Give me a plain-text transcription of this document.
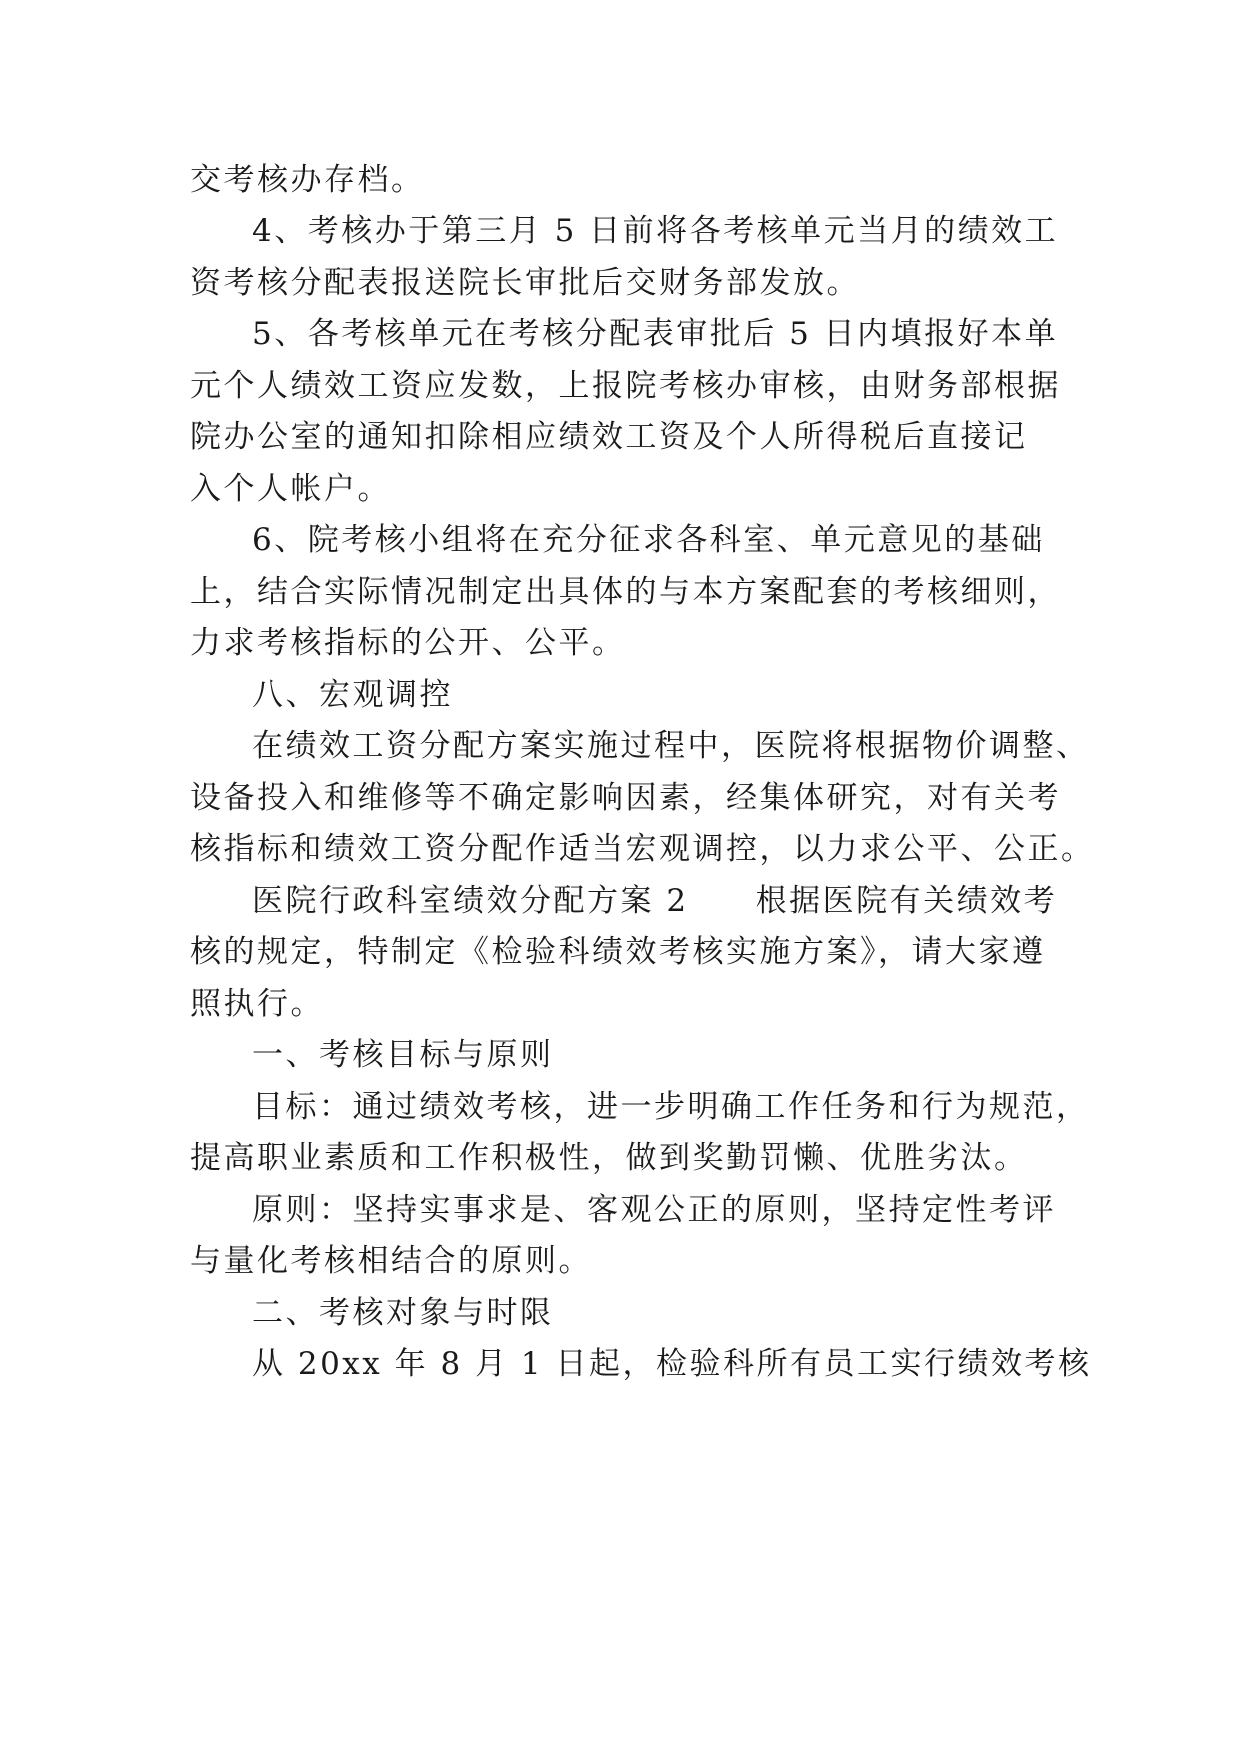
交考核办存档。
4、考核办于第三月 5 日前将各考核单元当月的绩效工
资考核分配表报送院长审批后交财务部发放。
5、各考核单元在考核分配表审批后 5 日内填报好本单
元个人绩效工资应发数，上报院考核办审核，由财务部根据
院办公室的通知扣除相应绩效工资及个人所得税后直接记
入个人帐户。
6、院考核小组将在充分征求各科室、单元意见的基础
上，结合实际情况制定出具体的与本方案配套的考核细则，
力求考核指标的公开、公平。
八、宏观调控
在绩效工资分配方案实施过程中，医院将根据物价调整、
设备投入和维修等不确定影响因素，经集体研究，对有关考
核指标和绩效工资分配作适当宏观调控，以力求公平、公正。
医院行政科室绩效分配方案 2　　根据医院有关绩效考
核的规定，特制定《检验科绩效考核实施方案》，请大家遵
照执行。
一、考核目标与原则
目标：通过绩效考核，进一步明确工作任务和行为规范，
提高职业素质和工作积极性，做到奖勤罚懒、优胜劣汰。
原则：坚持实事求是、客观公正的原则，坚持定性考评
与量化考核相结合的原则。
二、考核对象与时限
从 20xx 年 8 月 1 日起，检验科所有员工实行绩效考核
